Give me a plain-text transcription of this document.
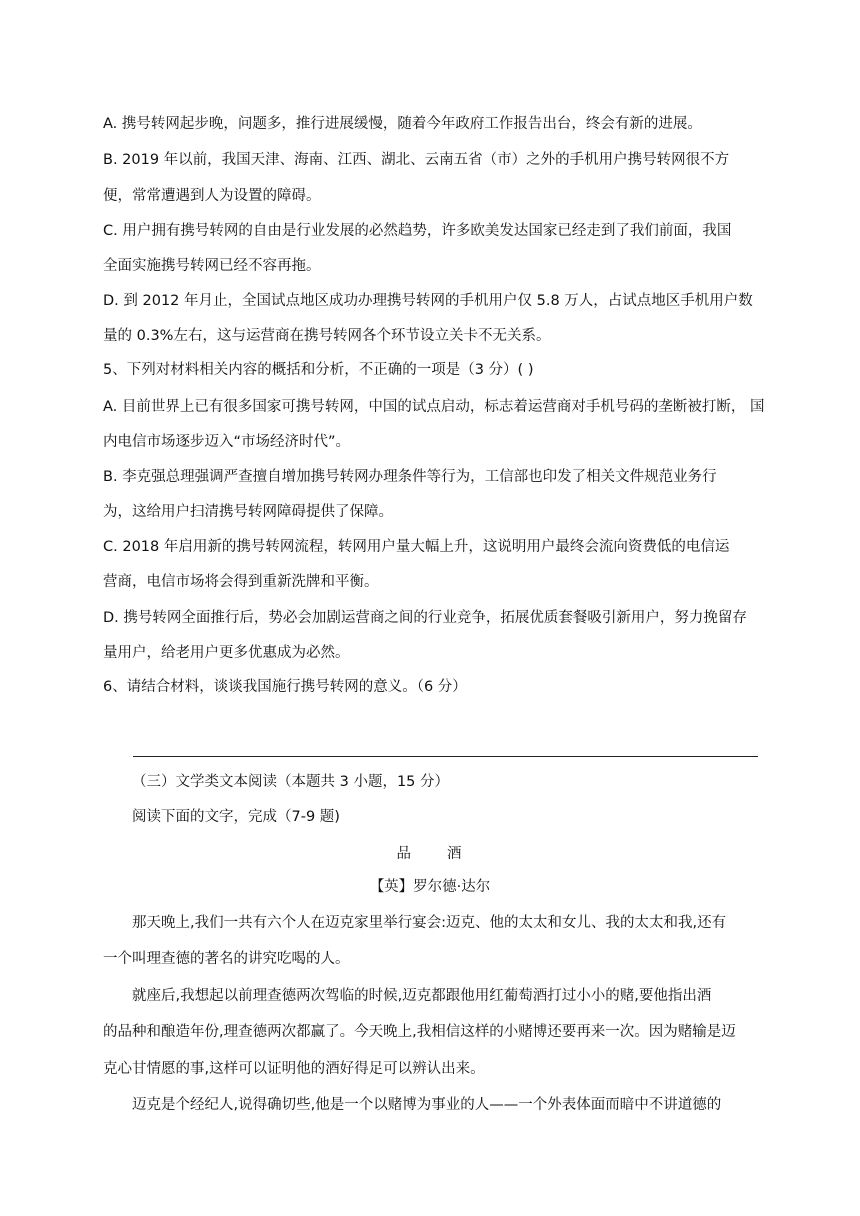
A. 携号转网起步晚，问题多，推行进展缓慢，随着今年政府工作报告出台，终会有新的进展。
B. 2019 年以前，我国天津、海南、江西、湖北、云南五省（市）之外的手机用户携号转网很不方
便，常常遭遇到人为设置的障碍。
C. 用户拥有携号转网的自由是行业发展的必然趋势，许多欧美发达国家已经走到了我们前面，我国
全面实施携号转网已经不容再拖。
D. 到 2012 年月止，全国试点地区成功办理携号转网的手机用户仅 5.8 万人，占试点地区手机用户数
量的 0.3%左右，这与运营商在携号转网各个环节设立关卡不无关系。
5、下列对材料相关内容的概括和分析，不正确的一项是（3 分）( )
A. 目前世界上已有很多国家可携号转网，中国的试点启动，标志着运营商对手机号码的垄断被打断， 国
内电信市场逐步迈入“市场经济时代”。
B. 李克强总理强调严查擅自增加携号转网办理条件等行为，工信部也印发了相关文件规范业务行
为，这给用户扫清携号转网障碍提供了保障。
C. 2018 年启用新的携号转网流程，转网用户量大幅上升，这说明用户最终会流向资费低的电信运
营商，电信市场将会得到重新洗牌和平衡。
D. 携号转网全面推行后，势必会加剧运营商之间的行业竞争，拓展优质套餐吸引新用户，努力挽留存
量用户，给老用户更多优惠成为必然。
6、请结合材料，谈谈我国施行携号转网的意义。（6 分）
（三）文学类文本阅读（本题共 3 小题，15 分）
阅读下面的文字，完成（7-9 题)
品 酒
【英】罗尔德·达尔
那天晚上,我们一共有六个人在迈克家里举行宴会:迈克、他的太太和女儿、我的太太和我,还有
一个叫理查德的著名的讲究吃喝的人。
就座后,我想起以前理查德两次驾临的时候,迈克都跟他用红葡萄酒打过小小的赌,要他指出酒
的品种和酿造年份,理查德两次都赢了。今天晚上,我相信这样的小赌博还要再来一次。因为赌输是迈
克心甘情愿的事,这样可以证明他的酒好得足可以辨认出来。
迈克是个经纪人,说得确切些,他是一个以赌博为事业的人——一个外表体面而暗中不讲道德的
